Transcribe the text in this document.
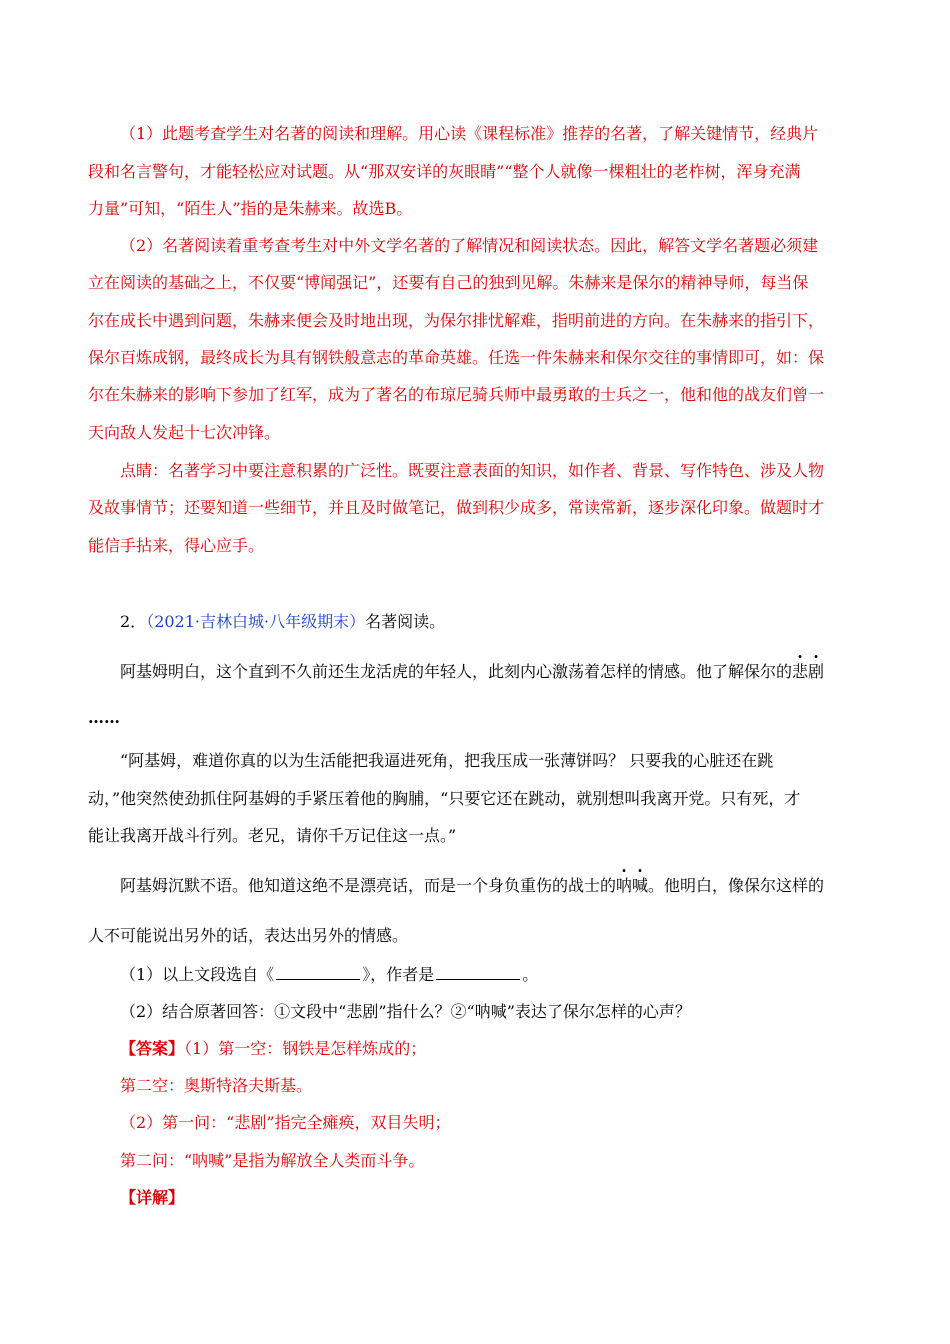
（1）此题考查学生对名著的阅读和理解。用心读《课程标准》推荐的名著，了解关键情节，经典片
段和名言警句，才能轻松应对试题。从“那双安详的灰眼睛”“整个人就像一棵粗壮的老柞树，浑身充满
力量”可知，“陌生人”指的是朱赫来。故选B。
（2）名著阅读着重考查考生对中外文学名著的了解情况和阅读状态。因此，解答文学名著题必须建
立在阅读的基础之上，不仅要“博闻强记”，还要有自己的独到见解。朱赫来是保尔的精神导师，每当保
尔在成长中遇到问题，朱赫来便会及时地出现，为保尔排忧解难，指明前进的方向。在朱赫来的指引下，
保尔百炼成钢，最终成长为具有钢铁般意志的革命英雄。任选一件朱赫来和保尔交往的事情即可，如：保
尔在朱赫来的影响下参加了红军，成为了著名的布琼尼骑兵师中最勇敢的士兵之一，他和他的战友们曾一
天向敌人发起十七次冲锋。
点睛：名著学习中要注意积累的广泛性。既要注意表面的知识，如作者、背景、写作特色、涉及人物
及故事情节；还要知道一些细节，并且及时做笔记，做到积少成多，常读常新，逐步深化印象。做题时才
能信手拈来，得心应手。
2．（2021·吉林白城·八年级期末）名著阅读。
阿基姆明白，这个直到不久前还生龙活虎的年轻人，此刻内心激荡着怎样的情感。他了解保尔的悲剧
……
“阿基姆，难道你真的以为生活能把我逼进死角，把我压成一张薄饼吗？ 只要我的心脏还在跳
动，”他突然使劲抓住阿基姆的手紧压着他的胸脯，“只要它还在跳动，就别想叫我离开党。只有死，才
能让我离开战斗行列。老兄，请你千万记住这一点。”
阿基姆沉默不语。他知道这绝不是漂亮话，而是一个身负重伤的战士的呐喊。他明白，像保尔这样的
人不可能说出另外的话，表达出另外的情感。
（1）以上文段选自《	》，作者是	。
（2）结合原著回答：①文段中“悲剧”指什么？②“呐喊”表达了保尔怎样的心声？
【答案】（1）第一空：钢铁是怎样炼成的；
第二空：奥斯特洛夫斯基。
（2）第一问：“悲剧”指完全瘫痪，双目失明；
第二问：“呐喊”是指为解放全人类而斗争。
【详解】
